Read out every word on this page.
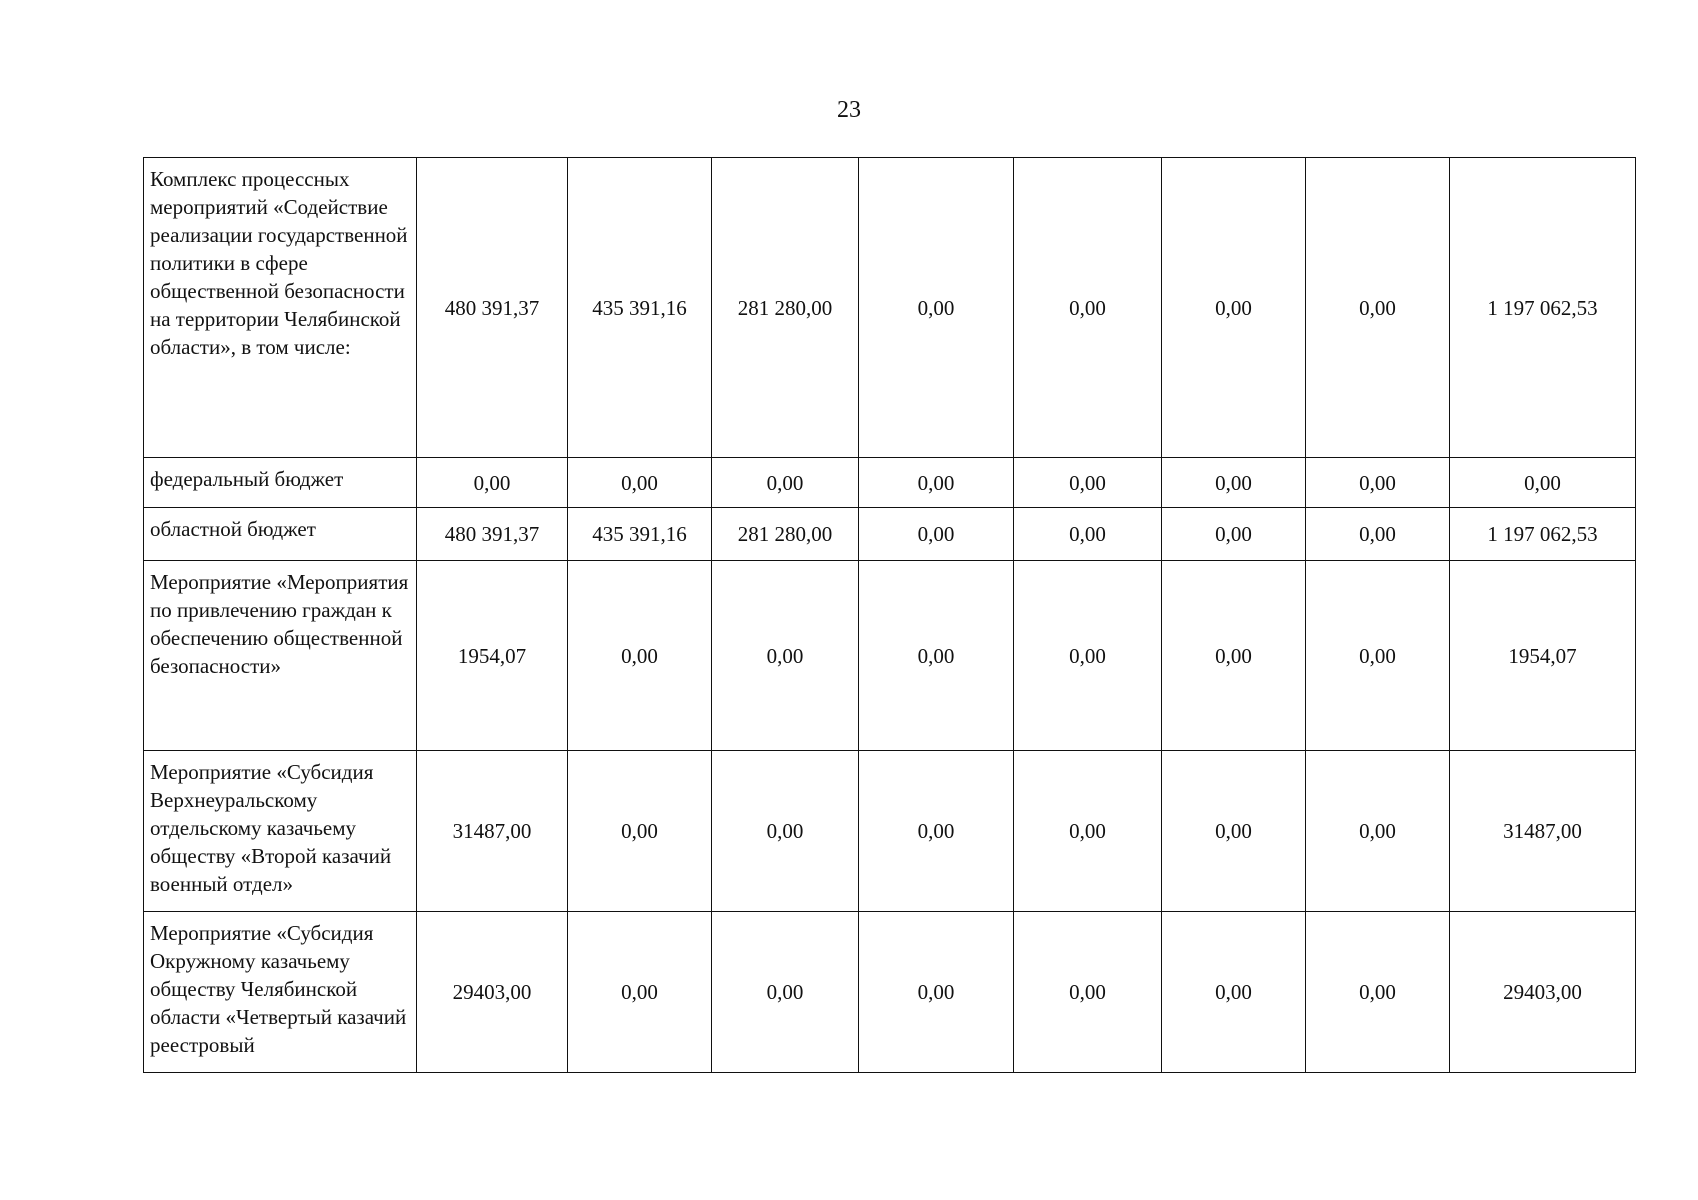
23
Комплекс процессных мероприятий «Содействие реализации государственной политики в сфере общественной безопасности на территории Челябинской области», в том числе:	480 391,37	435 391,16	281 280,00	0,00	0,00	0,00	0,00	1 197 062,53
федеральный бюджет	0,00	0,00	0,00	0,00	0,00	0,00	0,00	0,00
областной бюджет	480 391,37	435 391,16	281 280,00	0,00	0,00	0,00	0,00	1 197 062,53
Мероприятие «Мероприятия по привлечению граждан к обеспечению общественной безопасности»	1954,07	0,00	0,00	0,00	0,00	0,00	0,00	1954,07
Мероприятие «Субсидия Верхнеуральскому отдельскому казачьему обществу «Второй казачий военный отдел»	31487,00	0,00	0,00	0,00	0,00	0,00	0,00	31487,00
Мероприятие «Субсидия Окружному казачьему обществу Челябинской области «Четвертый казачий реестровый	29403,00	0,00	0,00	0,00	0,00	0,00	0,00	29403,00
